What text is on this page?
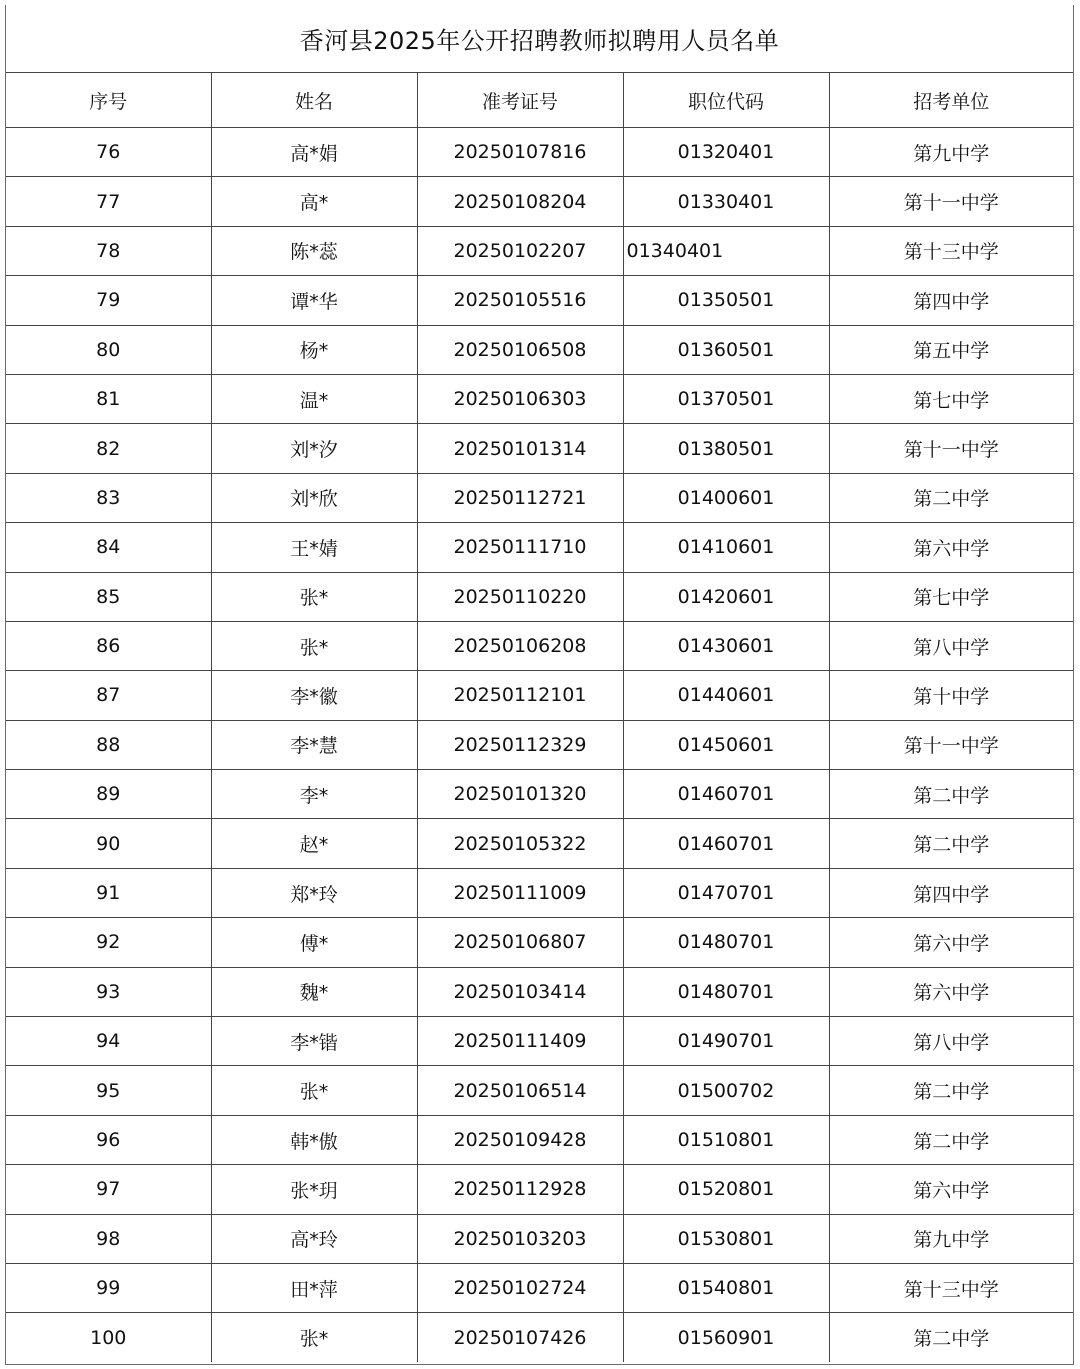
香河县2025年公开招聘教师拟聘用人员名单
序号	姓名	准考证号	职位代码	招考单位
76	高*娟	20250107816	01320401	第九中学
77	高*	20250108204	01330401	第十一中学
78	陈*蕊	20250102207	01340401	第十三中学
79	谭*华	20250105516	01350501	第四中学
80	杨*	20250106508	01360501	第五中学
81	温*	20250106303	01370501	第七中学
82	刘*汐	20250101314	01380501	第十一中学
83	刘*欣	20250112721	01400601	第二中学
84	王*婧	20250111710	01410601	第六中学
85	张*	20250110220	01420601	第七中学
86	张*	20250106208	01430601	第八中学
87	李*徽	20250112101	01440601	第十中学
88	李*慧	20250112329	01450601	第十一中学
89	李*	20250101320	01460701	第二中学
90	赵*	20250105322	01460701	第二中学
91	郑*玲	20250111009	01470701	第四中学
92	傅*	20250106807	01480701	第六中学
93	魏*	20250103414	01480701	第六中学
94	李*锴	20250111409	01490701	第八中学
95	张*	20250106514	01500702	第二中学
96	韩*傲	20250109428	01510801	第二中学
97	张*玥	20250112928	01520801	第六中学
98	高*玲	20250103203	01530801	第九中学
99	田*萍	20250102724	01540801	第十三中学
100	张*	20250107426	01560901	第二中学
